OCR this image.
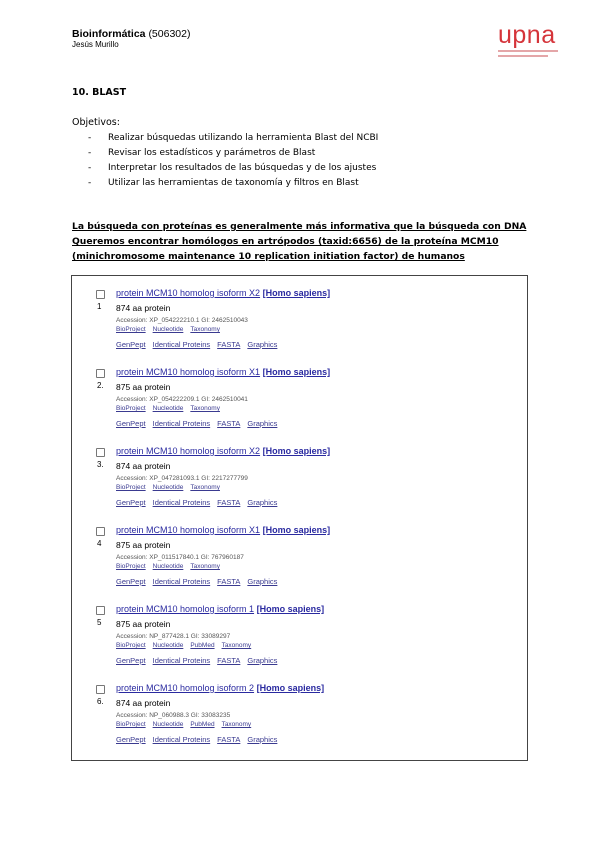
Bioinformática (506302)
Jesús Murillo	upna
10. BLAST
Objetivos:
- Realizar búsquedas utilizando la herramienta Blast del NCBI
- Revisar los estadísticos y parámetros de Blast
- Interpretar los resultados de las búsquedas y de los ajustes
- Utilizar las herramientas de taxonomía y filtros en Blast
La búsqueda con proteínas es generalmente más informativa que la búsqueda con DNA
Queremos encontrar homólogos en artrópodos (taxid:6656) de la proteína MCM10
(minichromosome maintenance 10 replication initiation factor) de humanos
1
protein MCM10 homolog isoform X2 [Homo sapiens]
874 aa protein
Accession: XP_054222210.1 GI: 2462510043
BioProject Nucleotide Taxonomy
GenPept Identical Proteins FASTA Graphics
2.
protein MCM10 homolog isoform X1 [Homo sapiens]
875 aa protein
Accession: XP_054222209.1 GI: 2462510041
BioProject Nucleotide Taxonomy
GenPept Identical Proteins FASTA Graphics
3.
protein MCM10 homolog isoform X2 [Homo sapiens]
874 aa protein
Accession: XP_047281093.1 GI: 2217277799
BioProject Nucleotide Taxonomy
GenPept Identical Proteins FASTA Graphics
4
protein MCM10 homolog isoform X1 [Homo sapiens]
875 aa protein
Accession: XP_011517840.1 GI: 767960187
BioProject Nucleotide Taxonomy
GenPept Identical Proteins FASTA Graphics
5
protein MCM10 homolog isoform 1 [Homo sapiens]
875 aa protein
Accession: NP_877428.1 GI: 33089297
BioProject Nucleotide PubMed Taxonomy
GenPept Identical Proteins FASTA Graphics
6.
protein MCM10 homolog isoform 2 [Homo sapiens]
874 aa protein
Accession: NP_060988.3 GI: 33083235
BioProject Nucleotide PubMed Taxonomy
GenPept Identical Proteins FASTA Graphics
